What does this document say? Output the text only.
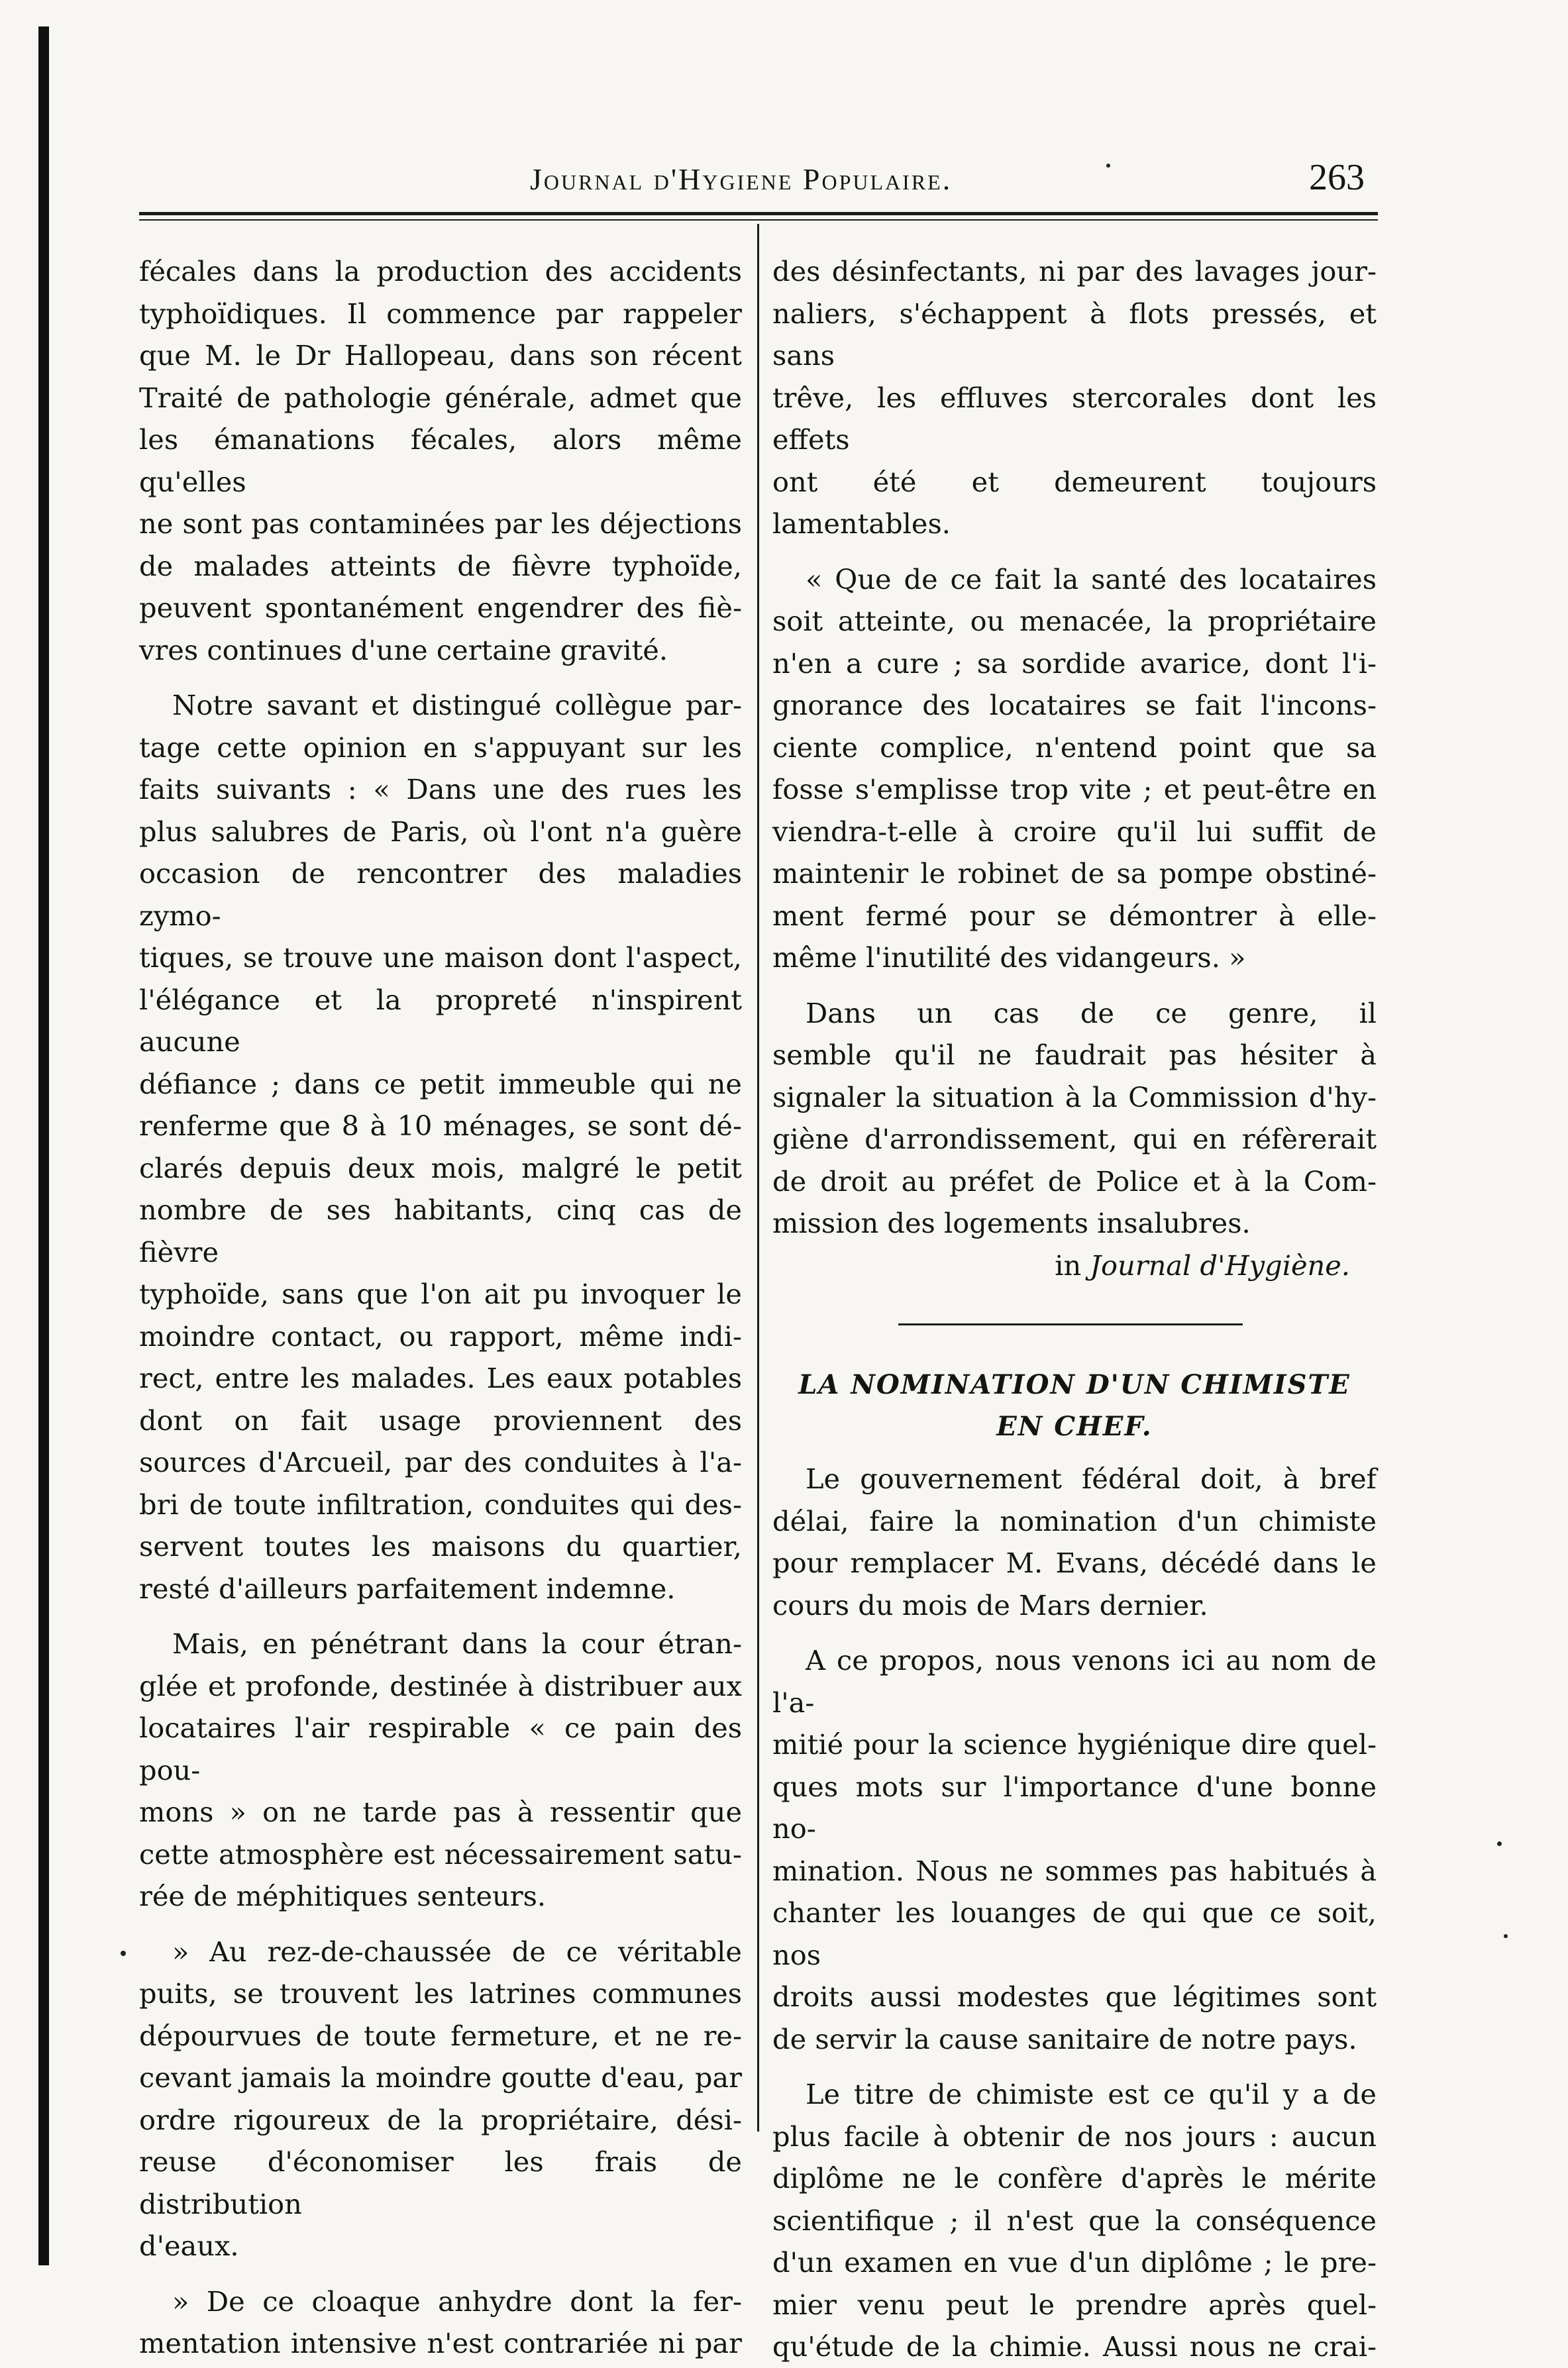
Journal d'Hygiene Populaire.	263

fécales dans la production des accidents
typhoïdiques. Il commence par rappeler
que M. le Dr Hallopeau, dans son récent
Traité de pathologie générale, admet que
les émanations fécales, alors même qu'elles
ne sont pas contaminées par les déjections
de malades atteints de fièvre typhoïde,
peuvent spontanément engendrer des fiè-
vres continues d'une certaine gravité.

Notre savant et distingué collègue par-
tage cette opinion en s'appuyant sur les
faits suivants : « Dans une des rues les
plus salubres de Paris, où l'ont n'a guère
occasion de rencontrer des maladies zymo-
tiques, se trouve une maison dont l'aspect,
l'élégance et la propreté n'inspirent aucune
défiance ; dans ce petit immeuble qui ne
renferme que 8 à 10 ménages, se sont dé-
clarés depuis deux mois, malgré le petit
nombre de ses habitants, cinq cas de fièvre
typhoïde, sans que l'on ait pu invoquer le
moindre contact, ou rapport, même indi-
rect, entre les malades. Les eaux potables
dont on fait usage proviennent des
sources d'Arcueil, par des conduites à l'a-
bri de toute infiltration, conduites qui des-
servent toutes les maisons du quartier,
resté d'ailleurs parfaitement indemne.

Mais, en pénétrant dans la cour étran-
glée et profonde, destinée à distribuer aux
locataires l'air respirable « ce pain des pou-
mons » on ne tarde pas à ressentir que
cette atmosphère est nécessairement satu-
rée de méphitiques senteurs.

» Au rez-de-chaussée de ce véritable
puits, se trouvent les latrines communes
dépourvues de toute fermeture, et ne re-
cevant jamais la moindre goutte d'eau, par
ordre rigoureux de la propriétaire, dési-
reuse d'économiser les frais de distribution
d'eaux.

» De ce cloaque anhydre dont la fer-
mentation intensive n'est contrariée ni par

des désinfectants, ni par des lavages jour-
naliers, s'échappent à flots pressés, et sans
trêve, les effluves stercorales dont les effets
ont été et demeurent toujours lamentables.

« Que de ce fait la santé des locataires
soit atteinte, ou menacée, la propriétaire
n'en a cure ; sa sordide avarice, dont l'i-
gnorance des locataires se fait l'incons-
ciente complice, n'entend point que sa
fosse s'emplisse trop vite ; et peut-être en
viendra-t-elle à croire qu'il lui suffit de
maintenir le robinet de sa pompe obstiné-
ment fermé pour se démontrer à elle-
même l'inutilité des vidangeurs. »

Dans un cas de ce genre, il
semble qu'il ne faudrait pas hésiter à
signaler la situation à la Commission d'hy-
giène d'arrondissement, qui en réfèrerait
de droit au préfet de Police et à la Com-
mission des logements insalubres.

in Journal d'Hygiène.

LA NOMINATION D'UN CHIMISTE
EN CHEF.

Le gouvernement fédéral doit, à bref
délai, faire la nomination d'un chimiste
pour remplacer M. Evans, décédé dans le
cours du mois de Mars dernier.

A ce propos, nous venons ici au nom de l'a-
mitié pour la science hygiénique dire quel-
ques mots sur l'importance d'une bonne no-
mination. Nous ne sommes pas habitués à
chanter les louanges de qui que ce soit, nos
droits aussi modestes que légitimes sont
de servir la cause sanitaire de notre pays.

Le titre de chimiste est ce qu'il y a de
plus facile à obtenir de nos jours : aucun
diplôme ne le confère d'après le mérite
scientifique ; il n'est que la conséquence
d'un examen en vue d'un diplôme ; le pre-
mier venu peut le prendre après quel-
qu'étude de la chimie. Aussi nous ne crai-
